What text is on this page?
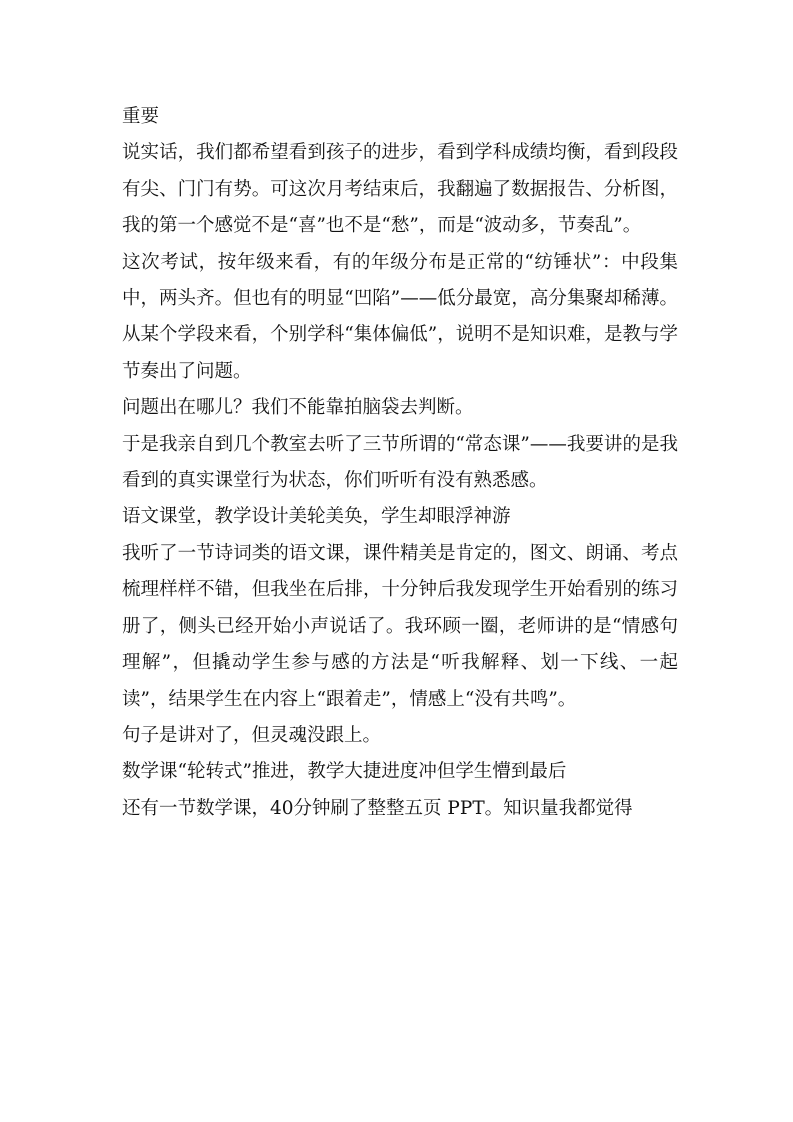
重要

说实话，我们都希望看到孩子的进步，看到学科成绩均衡，看到段段有尖、门门有势。可这次月考结束后，我翻遍了数据报告、分析图，我的第一个感觉不是“喜”也不是“愁”，而是“波动多，节奏乱”。

这次考试，按年级来看，有的年级分布是正常的“纺锤状”：中段集中，两头齐。但也有的明显“凹陷”——低分最宽，高分集聚却稀薄。从某个学段来看，个别学科“集体偏低”，说明不是知识难，是教与学节奏出了问题。

问题出在哪儿？我们不能靠拍脑袋去判断。

于是我亲自到几个教室去听了三节所谓的“常态课”——我要讲的是我看到的真实课堂行为状态，你们听听有没有熟悉感。

语文课堂，教学设计美轮美奂，学生却眼浮神游

我听了一节诗词类的语文课，课件精美是肯定的，图文、朗诵、考点梳理样样不错，但我坐在后排，十分钟后我发现学生开始看别的练习册了，侧头已经开始小声说话了。我环顾一圈，老师讲的是“情感句理解”，但撬动学生参与感的方法是“听我解释、划一下线、一起读”，结果学生在内容上“跟着走”，情感上“没有共鸣”。

句子是讲对了，但灵魂没跟上。

数学课“轮转式”推进，教学大捷进度冲但学生懵到最后

还有一节数学课，40分钟刷了整整五页 PPT。知识量我都觉得
